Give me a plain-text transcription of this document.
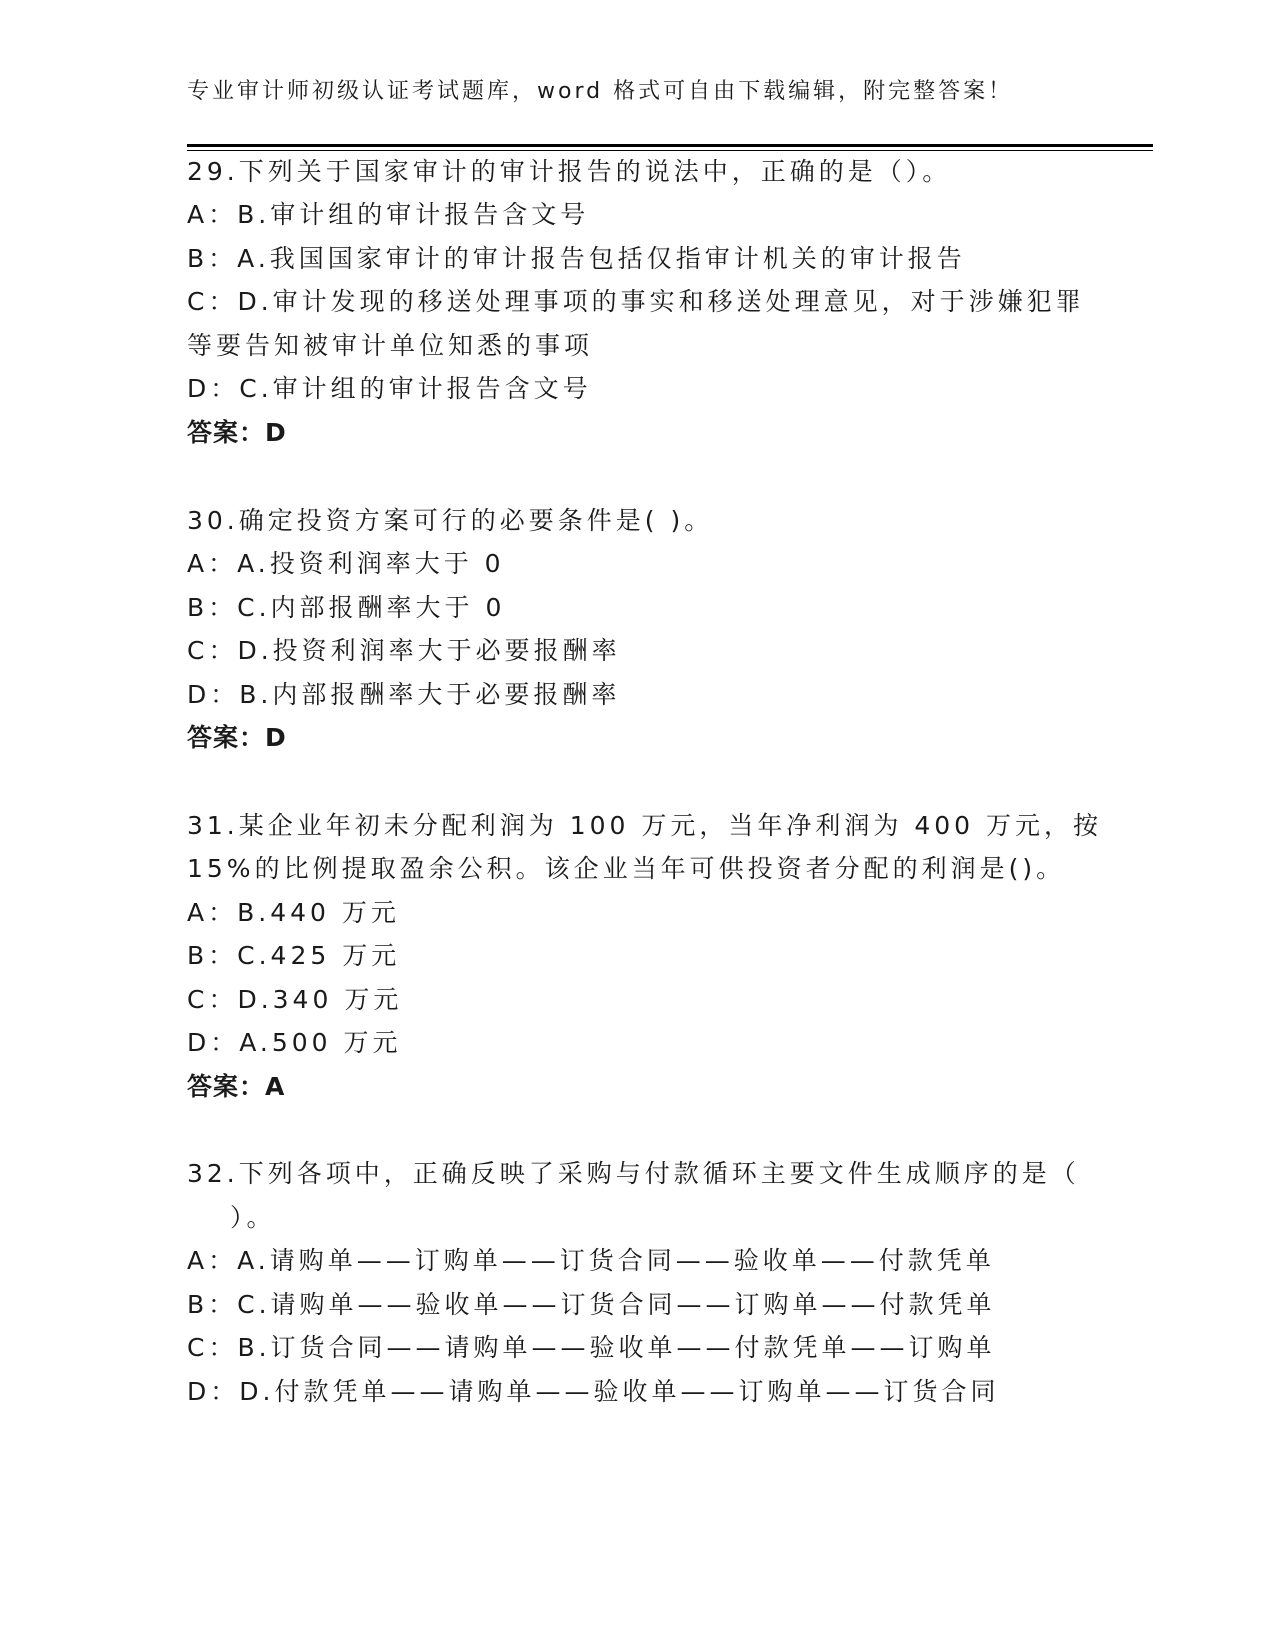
专业审计师初级认证考试题库，word 格式可自由下载编辑，附完整答案！
29.下列关于国家审计的审计报告的说法中，正确的是（）。
A：B.审计组的审计报告含文号
B：A.我国国家审计的审计报告包括仅指审计机关的审计报告
C：D.审计发现的移送处理事项的事实和移送处理意见，对于涉嫌犯罪
等要告知被审计单位知悉的事项
D：C.审计组的审计报告含文号
答案：D
30.确定投资方案可行的必要条件是( )。
A：A.投资利润率大于 0
B：C.内部报酬率大于 0
C：D.投资利润率大于必要报酬率
D：B.内部报酬率大于必要报酬率
答案：D
31.某企业年初未分配利润为 100 万元，当年净利润为 400 万元，按
15%的比例提取盈余公积。该企业当年可供投资者分配的利润是()。
A：B.440 万元
B：C.425 万元
C：D.340 万元
D：A.500 万元
答案：A
32.下列各项中，正确反映了采购与付款循环主要文件生成顺序的是（
）。
A：A.请购单——订购单——订货合同——验收单——付款凭单
B：C.请购单——验收单——订货合同——订购单——付款凭单
C：B.订货合同——请购单——验收单——付款凭单——订购单
D：D.付款凭单——请购单——验收单——订购单——订货合同
